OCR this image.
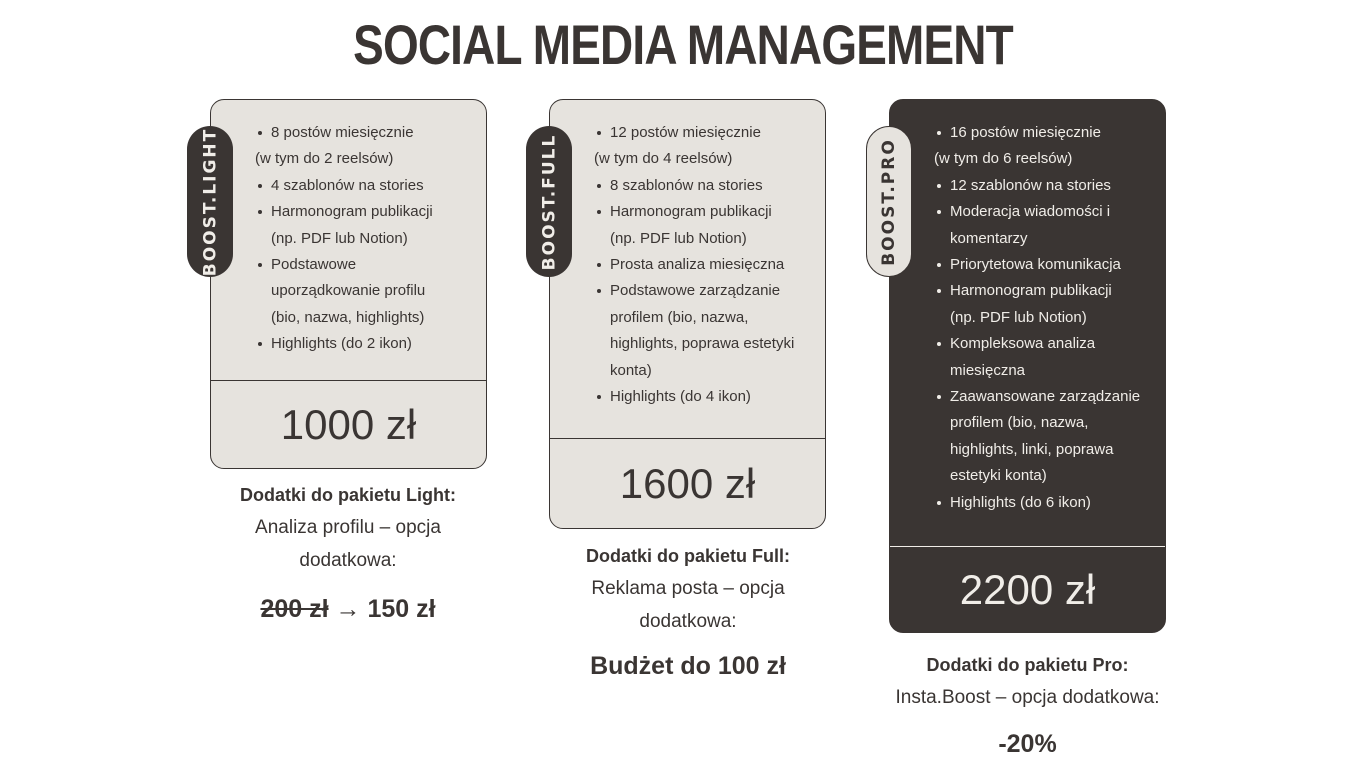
SOCIAL MEDIA MANAGEMENT
8 postów miesięcznie
(w tym do 2 reelsów)
4 szablonów na stories
Harmonogram publikacji (np. PDF lub Notion)
Podstawowe uporządkowanie profilu (bio, nazwa, highlights)
Highlights (do 2 ikon)
1000 zł
BOOST.LIGHT
Dodatki do pakietu Light:
Analiza profilu – opcja dodatkowa:
200 zł → 150 zł
12 postów miesięcznie
(w tym do 4 reelsów)
8 szablonów na stories
Harmonogram publikacji (np. PDF lub Notion)
Prosta analiza miesięczna
Podstawowe zarządzanie profilem (bio, nazwa, highlights, poprawa estetyki konta)
Highlights (do 4 ikon)
1600 zł
BOOST.FULL
Dodatki do pakietu Full:
Reklama posta – opcja dodatkowa:
Budżet do 100 zł
16 postów miesięcznie
(w tym do 6 reelsów)
12 szablonów na stories
Moderacja wiadomości i komentarzy
Priorytetowa komunikacja
Harmonogram publikacji (np. PDF lub Notion)
Kompleksowa analiza miesięczna
Zaawansowane zarządzanie profilem (bio, nazwa, highlights, linki, poprawa estetyki konta)
Highlights (do 6 ikon)
2200 zł
BOOST.PRO
Dodatki do pakietu Pro:
Insta.Boost – opcja dodatkowa:
-20%
